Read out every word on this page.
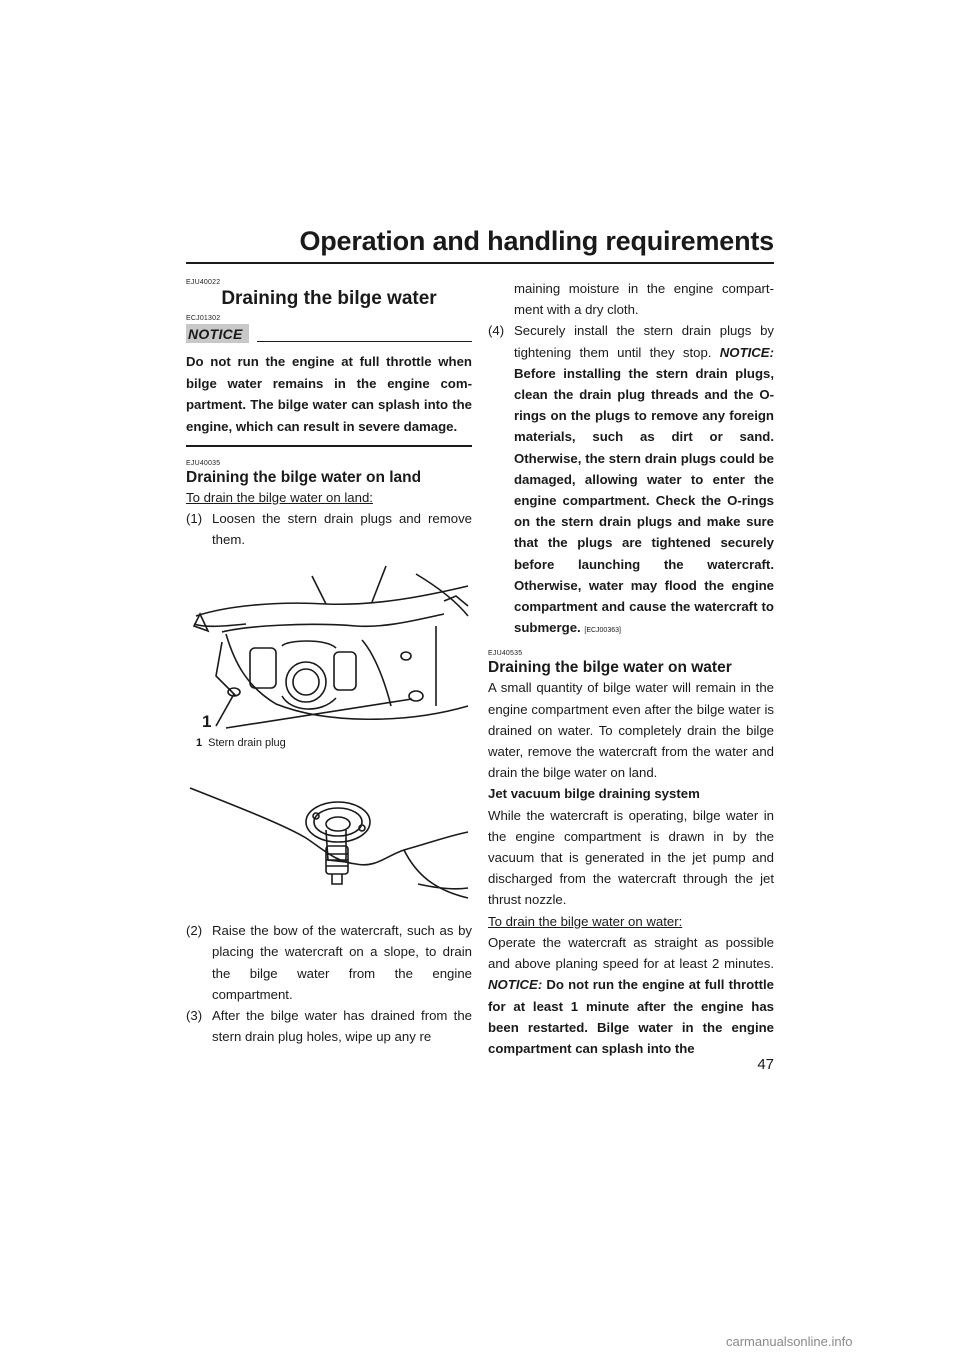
Operation and handling requirements
EJU40022
Draining the bilge water
ECJ01302
NOTICE

Do not run the engine at full throttle when bilge water remains in the engine compartment. The bilge water can splash into the engine, which can result in severe damage.

EJU40035
Draining the bilge water on land
To drain the bilge water on land:
(1) Loosen the stern drain plugs and remove them.
1
1 Stern drain plug
(2) Raise the bow of the watercraft, such as by placing the watercraft on a slope, to drain the bilge water from the engine compartment.
(3) After the bilge water has drained from the stern drain plug holes, wipe up any re
maining moisture in the engine compartment with a dry cloth.
(4) Securely install the stern drain plugs by tightening them until they stop. NOTICE: Before installing the stern drain plugs, clean the drain plug threads and the O-rings on the plugs to remove any foreign materials, such as dirt or sand. Otherwise, the stern drain plugs could be damaged, allowing water to enter the engine compartment. Check the O-rings on the stern drain plugs and make sure that the plugs are tightened securely before launching the watercraft. Otherwise, water may flood the engine compartment and cause the watercraft to submerge. [ECJ00363]
EJU40535
Draining the bilge water on water

A small quantity of bilge water will remain in the engine compartment even after the bilge water is drained on water. To completely drain the bilge water, remove the watercraft from the water and drain the bilge water on land.

Jet vacuum bilge draining system

While the watercraft is operating, bilge water in the engine compartment is drawn in by the vacuum that is generated in the jet pump and discharged from the watercraft through the jet thrust nozzle.

To drain the bilge water on water:

Operate the watercraft as straight as possible and above planing speed for at least 2 minutes. NOTICE: Do not run the engine at full throttle for at least 1 minute after the engine has been restarted. Bilge water in the engine compartment can splash into the

47
carmanualsonline.info
